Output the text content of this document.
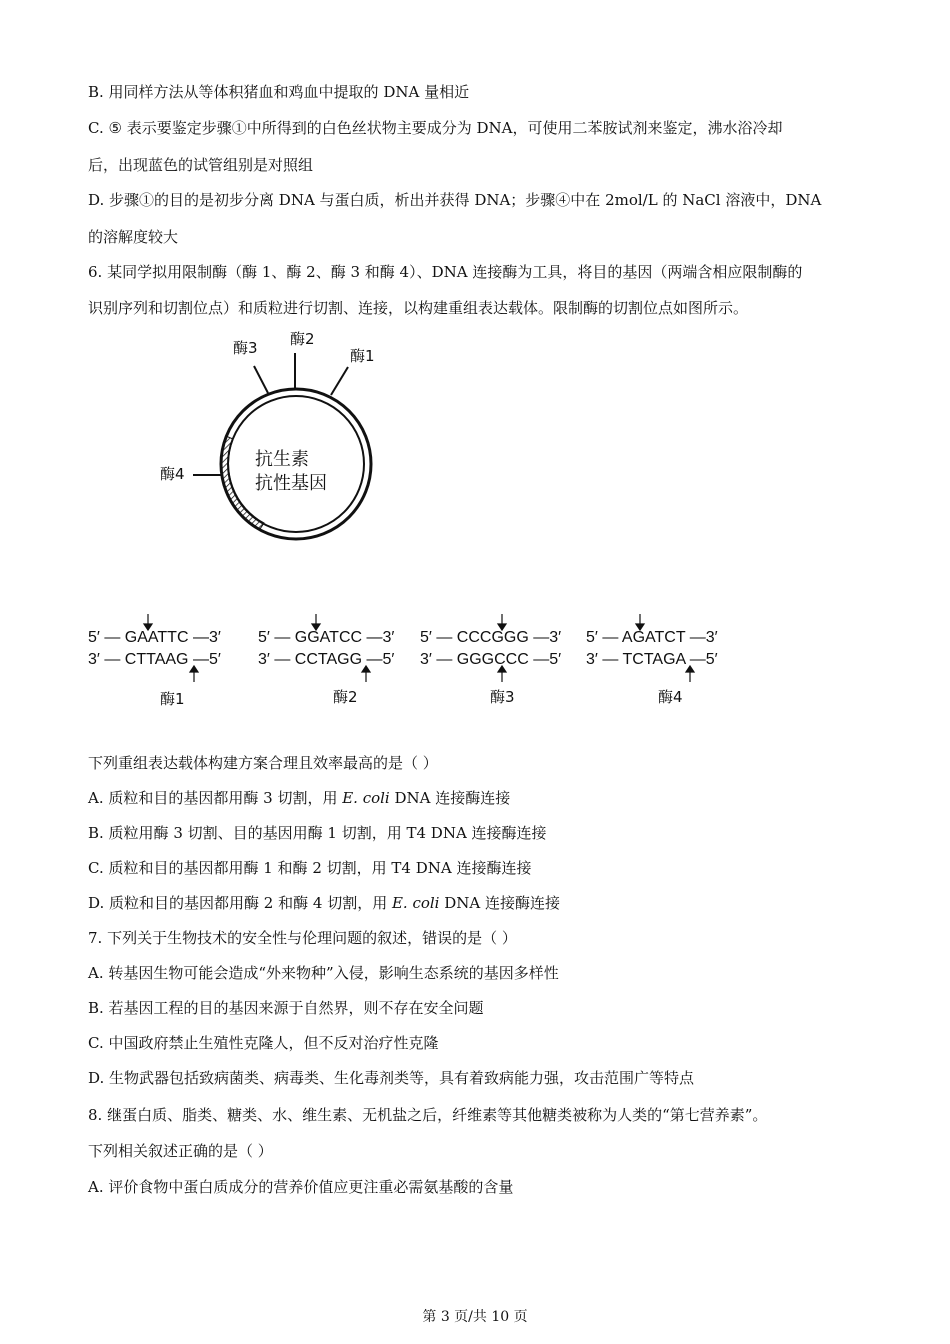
B. 用同样方法从等体积猪血和鸡血中提取的 DNA 量相近
C. ⑤ 表示要鉴定步骤①中所得到的白色丝状物主要成分为 DNA，可使用二苯胺试剂来鉴定，沸水浴冷却
后，出现蓝色的试管组别是对照组
D. 步骤①的目的是初步分离 DNA 与蛋白质，析出并获得 DNA；步骤④中在 2mol/L 的 NaCl 溶液中，DNA
的溶解度较大
6. 某同学拟用限制酶（酶 1、酶 2、酶 3 和酶 4）、DNA 连接酶为工具，将目的基因（两端含相应限制酶的
识别序列和切割位点）和质粒进行切割、连接，以构建重组表达载体。限制酶的切割位点如图所示。
酶3 酶2
酶1
酶4
抗生素
抗性基因
5′ — GAATTC —3′
3′ — CTTAAG —5′
酶1
5′ — GGATCC —3′
3′ — CCTAGG —5′
酶2
5′ — CCCGGG —3′
3′ — GGGCCC —5′
酶3
5′ — AGATCT —3′
3′ — TCTAGA —5′
酶4
下列重组表达载体构建方案合理且效率最高的是（ ）
A. 质粒和目的基因都用酶 3 切割，用 E. coli DNA 连接酶连接
B. 质粒用酶 3 切割、目的基因用酶 1 切割，用 T4 DNA 连接酶连接
C. 质粒和目的基因都用酶 1 和酶 2 切割，用 T4 DNA 连接酶连接
D. 质粒和目的基因都用酶 2 和酶 4 切割，用 E. coli DNA 连接酶连接
7. 下列关于生物技术的安全性与伦理问题的叙述，错误的是（ ）
A. 转基因生物可能会造成“外来物种”入侵，影响生态系统的基因多样性
B. 若基因工程的目的基因来源于自然界，则不存在安全问题
C. 中国政府禁止生殖性克隆人，但不反对治疗性克隆
D. 生物武器包括致病菌类、病毒类、生化毒剂类等，具有着致病能力强，攻击范围广等特点
8. 继蛋白质、脂类、糖类、水、维生素、无机盐之后，纤维素等其他糖类被称为人类的“第七营养素”。
下列相关叙述正确的是（ ）
A. 评价食物中蛋白质成分的营养价值应更注重必需氨基酸的含量
第 3 页/共 10 页
